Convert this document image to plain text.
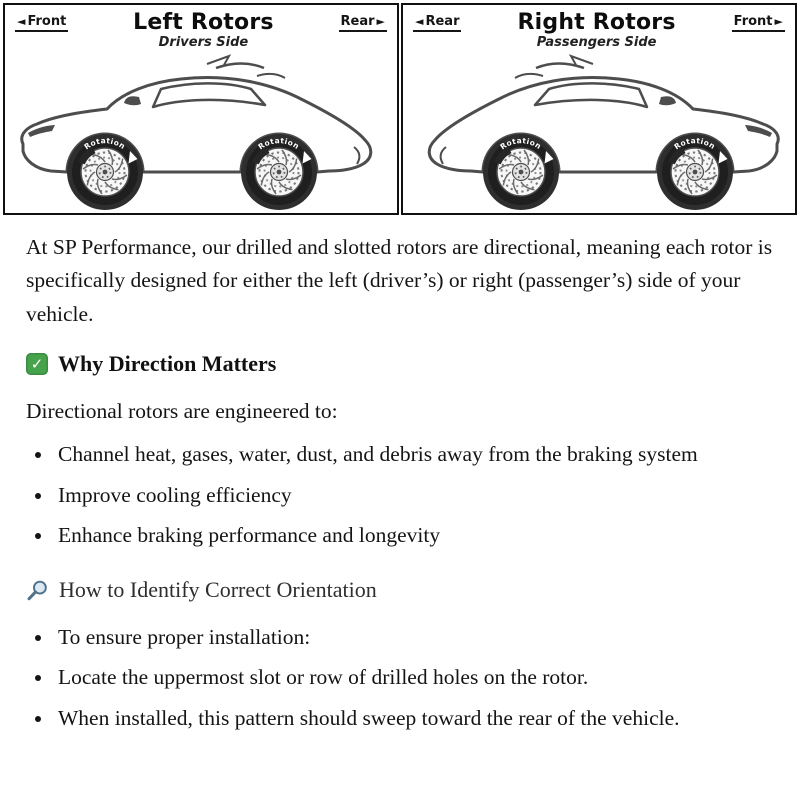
◄ Front	Left Rotors
Drivers Side
Rear ►	◄ Rear	Right Rotors
Passengers Side
Front ►

At SP Performance, our drilled and slotted rotors are directional, meaning each rotor is specifically designed for either the left (driver’s) or right (passenger’s) side of your vehicle.

✓ Why Direction Matters

Directional rotors are engineered to:

• Channel heat, gases, water, dust, and debris away from the braking system
• Improve cooling efficiency
• Enhance braking performance and longevity
How to Identify Correct Orientation
• To ensure proper installation:
• Locate the uppermost slot or row of drilled holes on the rotor.
• When installed, this pattern should sweep toward the rear of the vehicle.
